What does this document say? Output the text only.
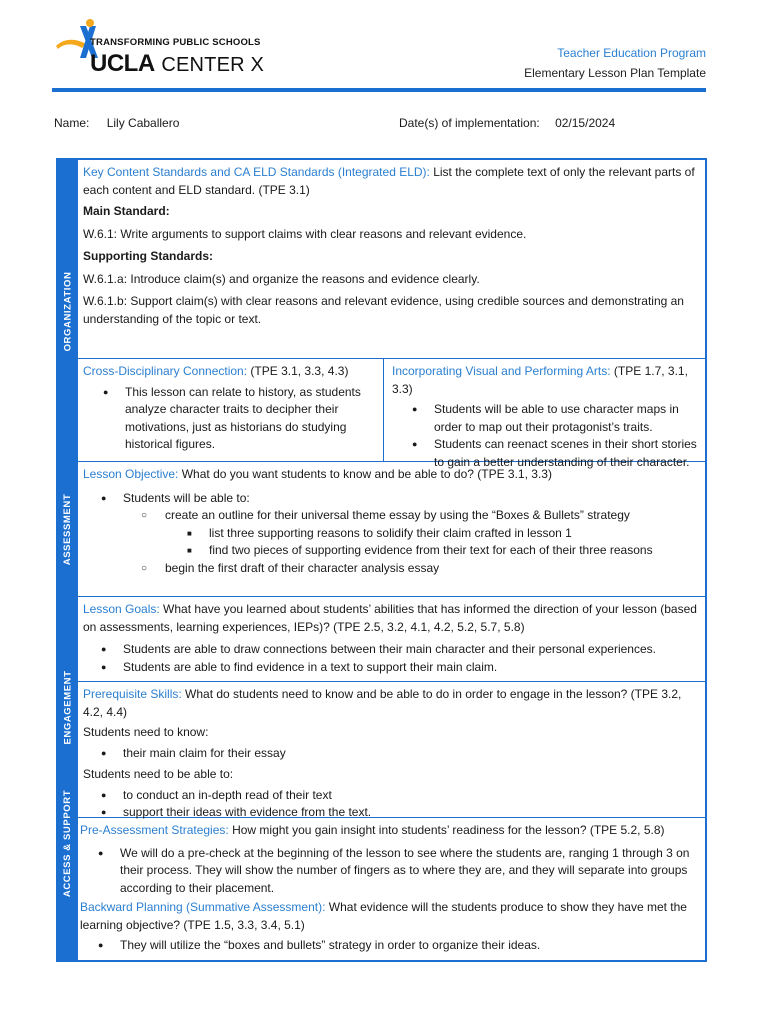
TRANSFORMING PUBLIC SCHOOLS
UCLA CENTER X
Teacher Education Program
Elementary Lesson Plan Template
Name: Lily Caballero	Date(s) of implementation: 02/15/2024
ORGANIZATION
ASSESSMENT
ENGAGEMENT
ACCESS & SUPPORT

Key Content Standards and CA ELD Standards (Integrated ELD): List the complete text of only the relevant parts of each content and ELD standard. (TPE 3.1)

Main Standard:

W.6.1: Write arguments to support claims with clear reasons and relevant evidence.

Supporting Standards:

W.6.1.a: Introduce claim(s) and organize the reasons and evidence clearly.

W.6.1.b: Support claim(s) with clear reasons and relevant evidence, using credible sources and demonstrating an understanding of the topic or text.

Cross-Disciplinary Connection: (TPE 3.1, 3.3, 4.3)
● This lesson can relate to history, as students analyze character traits to decipher their motivations, just as historians do studying historical figures.
Incorporating Visual and Performing Arts: (TPE 1.7, 3.1, 3.3)
● Students will be able to use character maps in order to map out their protagonist’s traits.
● Students can reenact scenes in their short stories to gain a better understanding of their character.
Lesson Objective: What do you want students to know and be able to do? (TPE 3.1, 3.3)
● Students will be able to:
○ create an outline for their universal theme essay by using the “Boxes & Bullets” strategy
■ list three supporting reasons to solidify their claim crafted in lesson 1
■ find two pieces of supporting evidence from their text for each of their three reasons
○ begin the first draft of their character analysis essay
Lesson Goals: What have you learned about students’ abilities that has informed the direction of your lesson (based on assessments, learning experiences, IEPs)? (TPE 2.5, 3.2, 4.1, 4.2, 5.2, 5.7, 5.8)
● Students are able to draw connections between their main character and their personal experiences.
● Students are able to find evidence in a text to support their main claim.

Prerequisite Skills: What do students need to know and be able to do in order to engage in the lesson? (TPE 3.2, 4.2, 4.4)

Students need to know:

● their main claim for their essay

Students need to be able to:

● to conduct an in-depth read of their text
● support their ideas with evidence from the text.
Pre-Assessment Strategies: How might you gain insight into students’ readiness for the lesson? (TPE 5.2, 5.8)
● We will do a pre-check at the beginning of the lesson to see where the students are, ranging 1 through 3 on their process. They will show the number of fingers as to where they are, and they will separate into groups according to their placement.
Backward Planning (Summative Assessment): What evidence will the students produce to show they have met the learning objective? (TPE 1.5, 3.3, 3.4, 5.1)
● They will utilize the “boxes and bullets” strategy in order to organize their ideas.
